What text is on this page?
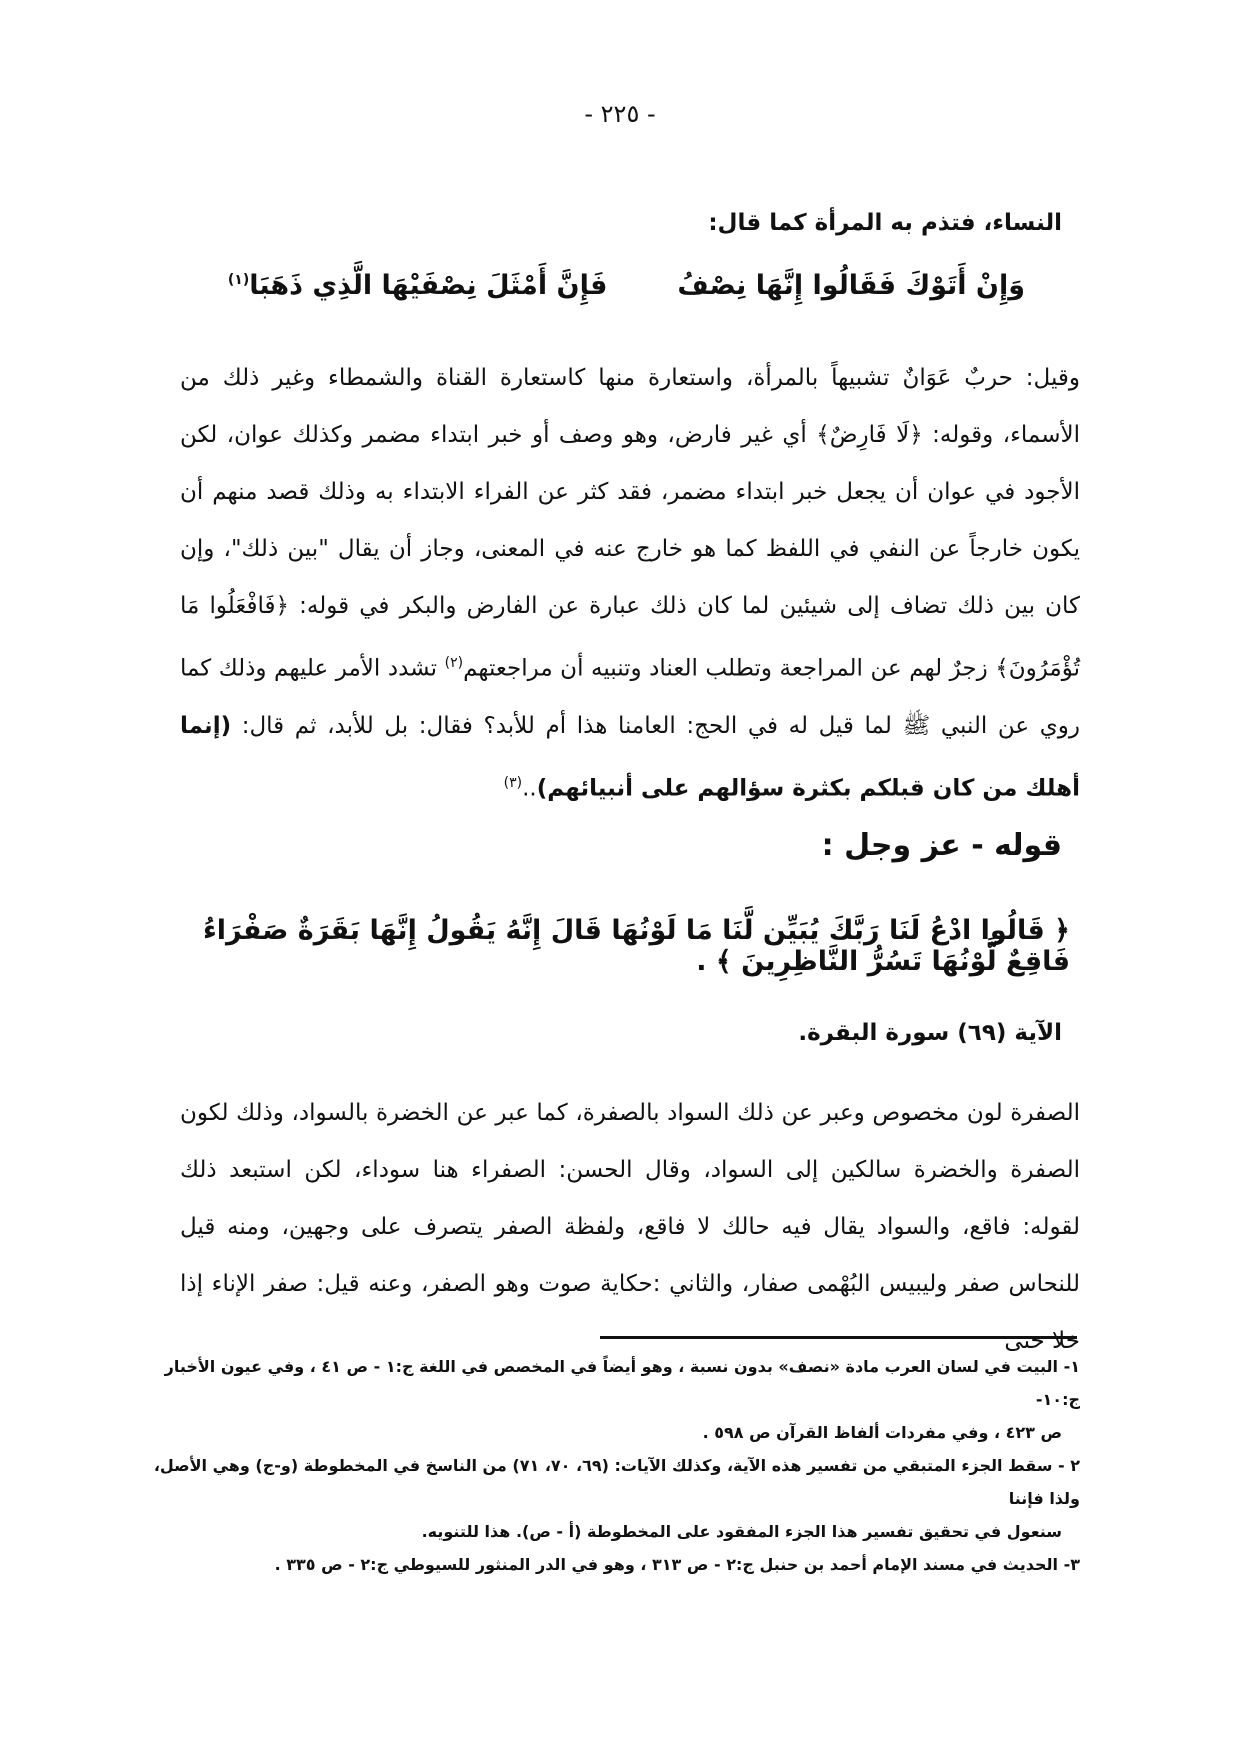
- ٢٢٥ -
النساء، فتذم به المرأة كما قال:
وَإِنْ أَتَوْكَ فَقَالُوا إِنَّهَا نِصْفُ
فَإِنَّ أَمْثَلَ نِصْفَيْهَا الَّذِي ذَهَبَا$^{(١)}$

وقيل: حربٌ عَوَانٌ تشبيهاً بالمرأة، واستعارة منها كاستعارة القناة والشمطاء وغير ذلك من الأسماء، وقوله: ﴿لَا فَارِضٌ﴾ أي غير فارض، وهو وصف أو خبر ابتداء مضمر وكذلك عوان، لكن الأجود في عوان أن يجعل خبر ابتداء مضمر، فقد كثر عن الفراء الابتداء به وذلك قصد منهم أن يكون خارجاً عن النفي في اللفظ كما هو خارج عنه في المعنى، وجاز أن يقال "بين ذلك"، وإن كان بين ذلك تضاف إلى شيئين لما كان ذلك عبارة عن الفارض والبكر في قوله: ﴿فَافْعَلُوا مَا تُؤْمَرُونَ﴾ زجرٌ لهم عن المراجعة وتطلب العناد وتنبيه أن مراجعتهم$^{(٢)}$ تشدد الأمر عليهم وذلك كما روي عن النبي ﷺ لما قيل له في الحج: العامنا هذا أم للأبد؟ فقال: بل للأبد، ثم قال: (إنما أهلك من كان قبلكم بكثرة سؤالهم على أنبيائهم)..$^{(٣)}$

قوله - عز وجل :
﴿ قَالُوا ادْعُ لَنَا رَبَّكَ يُبَيِّن لَّنَا مَا لَوْنُهَا قَالَ إِنَّهُ يَقُولُ إِنَّهَا بَقَرَةٌ صَفْرَاءُ فَاقِعٌ لَّوْنُهَا تَسُرُّ النَّاظِرِينَ ﴾ .
الآية (٦٩) سورة البقرة.

الصفرة لون مخصوص وعبر عن ذلك السواد بالصفرة، كما عبر عن الخضرة بالسواد، وذلك لكون الصفرة والخضرة سالكين إلى السواد، وقال الحسن: الصفراء هنا سوداء، لكن استبعد ذلك لقوله: فاقع، والسواد يقال فيه حالك لا فاقع، ولفظة الصفر يتصرف على وجهين، ومنه قيل للنحاس صفر وليبيس البُهْمى صفار، والثاني :حكاية صوت وهو الصفر، وعنه قيل: صفر الإناء إذا خلا حتى

١- البيت في لسان العرب مادة «نصف» بدون نسبة ، وهو أيضاً في المخصص في اللغة ج:١ - ص ٤١ ، وفي عيون الأخبار ج:١٠-

ص ٤٢٣ ، وفي مفردات ألفاظ القرآن ص ٥٩٨ .

٢ - سقط الجزء المتبقي من تفسير هذه الآية، وكذلك الآيات: (٦٩، ٧٠، ٧١) من الناسخ في المخطوطة (و-ج) وهي الأصل، ولذا فإننا

سنعول في تحقيق تفسير هذا الجزء المفقود على المخطوطة (أ - ص). هذا للتنويه.

٣- الحديث في مسند الإمام أحمد بن حنبل ج:٢ - ص ٣١٣ ، وهو في الدر المنثور للسيوطي ج:٢ - ص ٣٣٥ .
